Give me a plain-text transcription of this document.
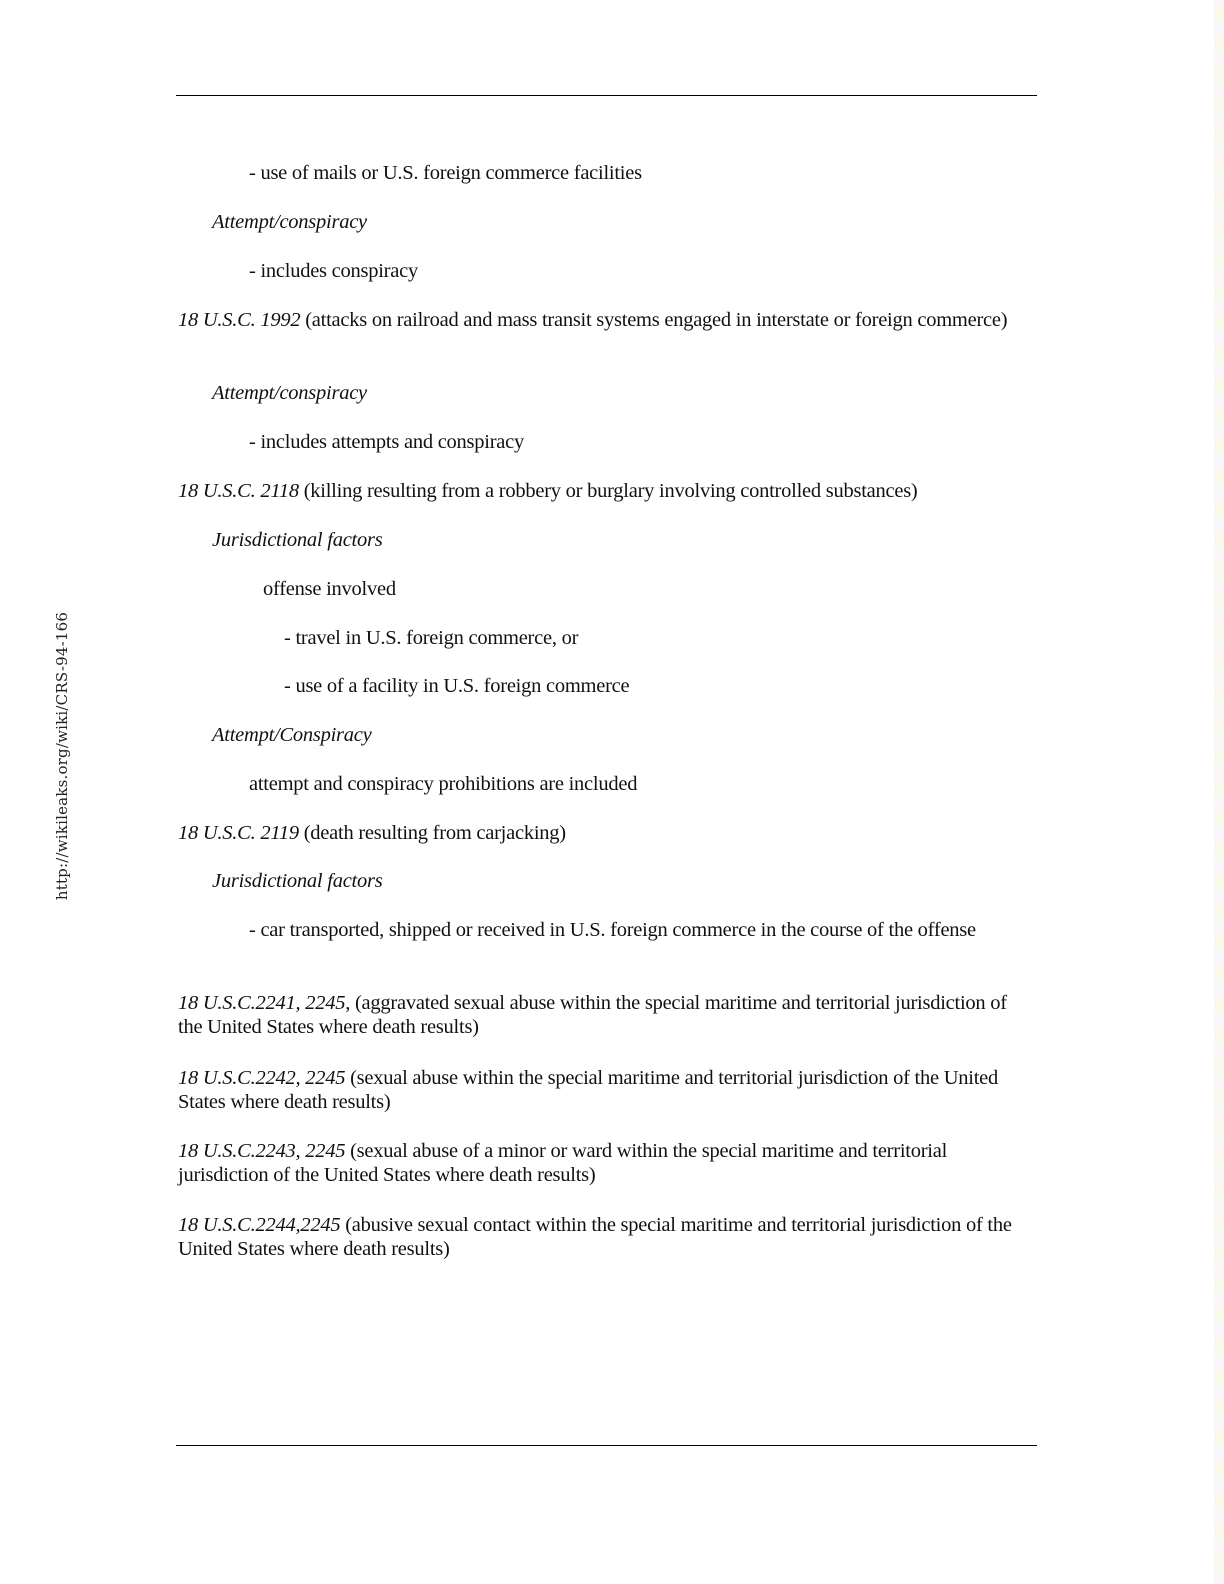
http://wikileaks.org/wiki/CRS-94-166
- use of mails or U.S. foreign commerce facilities
Attempt/conspiracy
- includes conspiracy
18 U.S.C. 1992 (attacks on railroad and mass transit systems engaged in interstate or foreign commerce)
Attempt/conspiracy
- includes attempts and conspiracy
18 U.S.C. 2118 (killing resulting from a robbery or burglary involving controlled substances)
Jurisdictional factors
offense involved
- travel in U.S. foreign commerce, or
- use of a facility in U.S. foreign commerce
Attempt/Conspiracy
attempt and conspiracy prohibitions are included
18 U.S.C. 2119 (death resulting from carjacking)
Jurisdictional factors
- car transported, shipped or received in U.S. foreign commerce in the course of the offense
18 U.S.C.2241, 2245, (aggravated sexual abuse within the special maritime and territorial jurisdiction of the United States where death results)
18 U.S.C.2242, 2245 (sexual abuse within the special maritime and territorial jurisdiction of the United States where death results)
18 U.S.C.2243, 2245 (sexual abuse of a minor or ward within the special maritime and territorial jurisdiction of the United States where death results)
18 U.S.C.2244,2245 (abusive sexual contact within the special maritime and territorial jurisdiction of the United States where death results)
